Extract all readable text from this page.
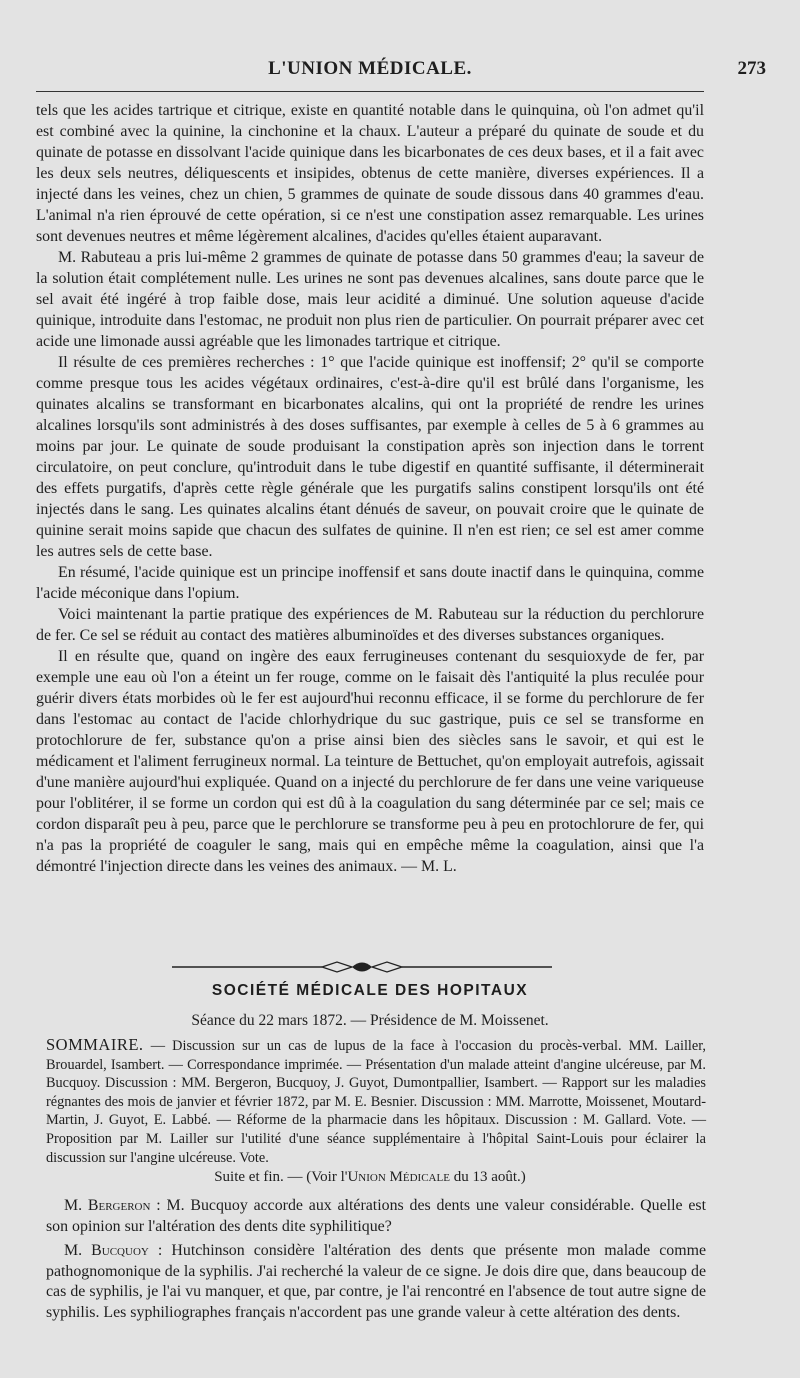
L'UNION MÉDICALE.	273

tels que les acides tartrique et citrique, existe en quantité notable dans le quinquina, où l'on admet qu'il est combiné avec la quinine, la cinchonine et la chaux. L'auteur a préparé du quinate de soude et du quinate de potasse en dissolvant l'acide quinique dans les bicarbonates de ces deux bases, et il a fait avec les deux sels neutres, déliquescents et insipides, obtenus de cette manière, diverses expériences. Il a injecté dans les veines, chez un chien, 5 grammes de quinate de soude dissous dans 40 grammes d'eau. L'animal n'a rien éprouvé de cette opération, si ce n'est une constipation assez remarquable. Les urines sont devenues neutres et même légèrement alcalines, d'acides qu'elles étaient auparavant.

M. Rabuteau a pris lui-même 2 grammes de quinate de potasse dans 50 grammes d'eau; la saveur de la solution était complétement nulle. Les urines ne sont pas devenues alcalines, sans doute parce que le sel avait été ingéré à trop faible dose, mais leur acidité a diminué. Une solution aqueuse d'acide quinique, introduite dans l'estomac, ne produit non plus rien de particulier. On pourrait préparer avec cet acide une limonade aussi agréable que les limonades tartrique et citrique.

Il résulte de ces premières recherches : 1° que l'acide quinique est inoffensif; 2° qu'il se comporte comme presque tous les acides végétaux ordinaires, c'est-à-dire qu'il est brûlé dans l'organisme, les quinates alcalins se transformant en bicarbonates alcalins, qui ont la propriété de rendre les urines alcalines lorsqu'ils sont administrés à des doses suffisantes, par exemple à celles de 5 à 6 grammes au moins par jour. Le quinate de soude produisant la constipation après son injection dans le torrent circulatoire, on peut conclure, qu'introduit dans le tube digestif en quantité suffisante, il déterminerait des effets purgatifs, d'après cette règle générale que les purgatifs salins constipent lorsqu'ils ont été injectés dans le sang. Les quinates alcalins étant dénués de saveur, on pouvait croire que le quinate de quinine serait moins sapide que chacun des sulfates de quinine. Il n'en est rien; ce sel est amer comme les autres sels de cette base.

En résumé, l'acide quinique est un principe inoffensif et sans doute inactif dans le quinquina, comme l'acide méconique dans l'opium.

Voici maintenant la partie pratique des expériences de M. Rabuteau sur la réduction du perchlorure de fer. Ce sel se réduit au contact des matières albuminoïdes et des diverses substances organiques.

Il en résulte que, quand on ingère des eaux ferrugineuses contenant du sesquioxyde de fer, par exemple une eau où l'on a éteint un fer rouge, comme on le faisait dès l'antiquité la plus reculée pour guérir divers états morbides où le fer est aujourd'hui reconnu efficace, il se forme du perchlorure de fer dans l'estomac au contact de l'acide chlorhydrique du suc gastrique, puis ce sel se transforme en protochlorure de fer, substance qu'on a prise ainsi bien des siècles sans le savoir, et qui est le médicament et l'aliment ferrugineux normal. La teinture de Bettuchet, qu'on employait autrefois, agissait d'une manière aujourd'hui expliquée. Quand on a injecté du perchlorure de fer dans une veine variqueuse pour l'oblitérer, il se forme un cordon qui est dû à la coagulation du sang déterminée par ce sel; mais ce cordon disparaît peu à peu, parce que le perchlorure se transforme peu à peu en protochlorure de fer, qui n'a pas la propriété de coaguler le sang, mais qui en empêche même la coagulation, ainsi que l'a démontré l'injection directe dans les veines des animaux. — M. L.

SOCIÉTÉ MÉDICALE DES HOPITAUX
Séance du 22 mars 1872. — Présidence de M. Moissenet.

SOMMAIRE. — Discussion sur un cas de lupus de la face à l'occasion du procès-verbal. MM. Lailler, Brouardel, Isambert. — Correspondance imprimée. — Présentation d'un malade atteint d'angine ulcéreuse, par M. Bucquoy. Discussion : MM. Bergeron, Bucquoy, J. Guyot, Dumontpallier, Isambert. — Rapport sur les maladies régnantes des mois de janvier et février 1872, par M. E. Besnier. Discussion : MM. Marrotte, Moissenet, Moutard-Martin, J. Guyot, E. Labbé. — Réforme de la pharmacie dans les hôpitaux. Discussion : M. Gallard. Vote. — Proposition par M. Lailler sur l'utilité d'une séance supplémentaire à l'hôpital Saint-Louis pour éclairer la discussion sur l'angine ulcéreuse. Vote.

Suite et fin. — (Voir l'Union Médicale du 13 août.)

M. Bergeron : M. Bucquoy accorde aux altérations des dents une valeur considérable. Quelle est son opinion sur l'altération des dents dite syphilitique?

M. Bucquoy : Hutchinson considère l'altération des dents que présente mon malade comme pathognomonique de la syphilis. J'ai recherché la valeur de ce signe. Je dois dire que, dans beaucoup de cas de syphilis, je l'ai vu manquer, et que, par contre, je l'ai rencontré en l'absence de tout autre signe de syphilis. Les syphiliographes français n'accordent pas une grande valeur à cette altération des dents.
